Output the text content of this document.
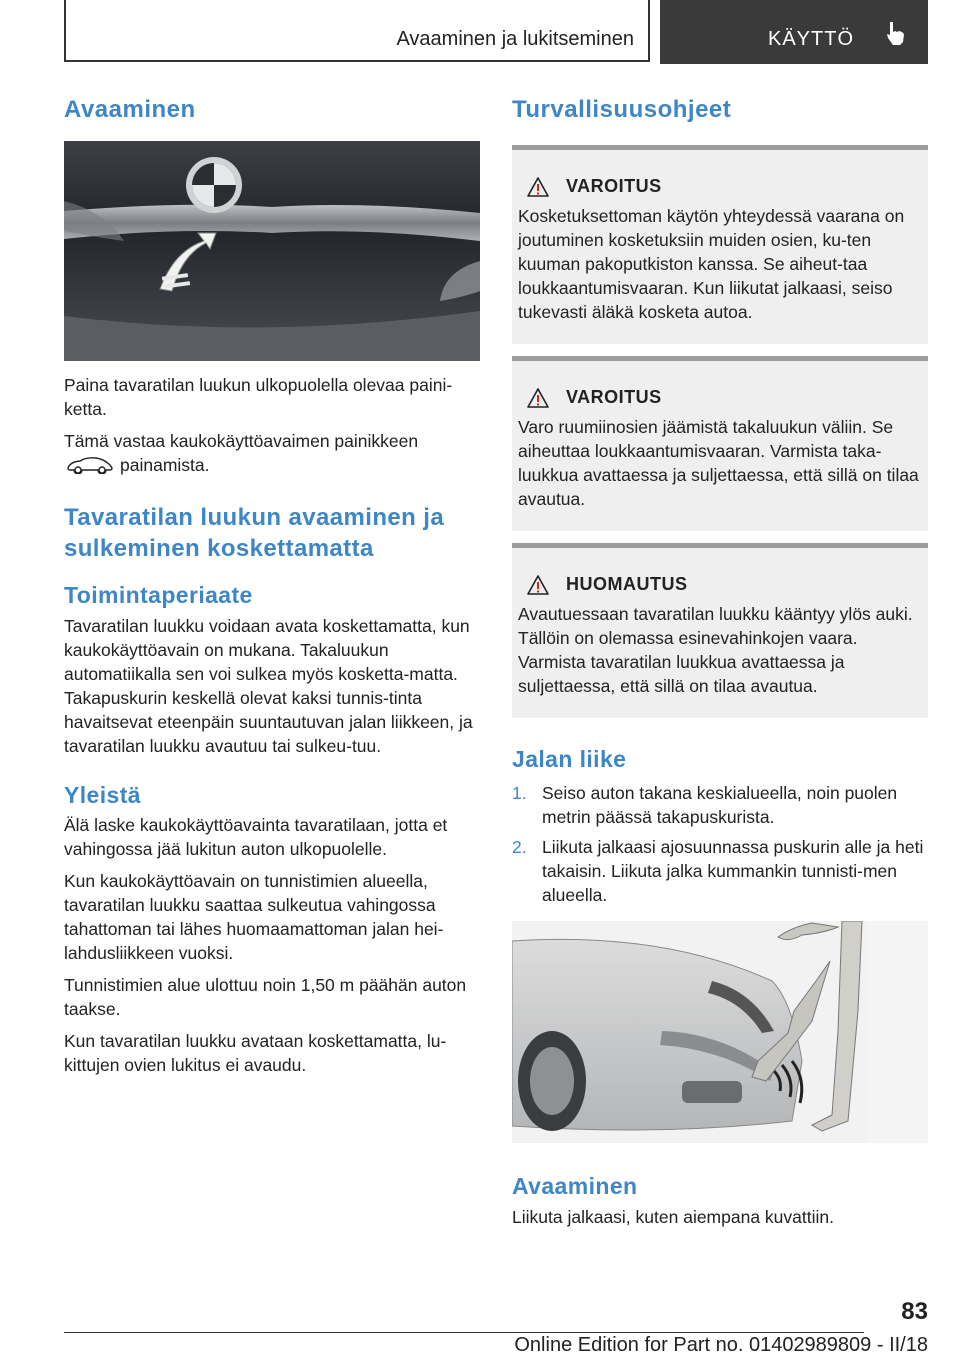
Avaaminen ja lukitseminen	KÄYTTÖ
Avaaminen

Paina tavaratilan luukun ulkopuolella olevaa paini-ketta.

Tämä vastaa kaukokäyttöavaimen painikkeen
painamista.

Tavaratilan luukun avaaminen ja sulkeminen koskettamatta
Toimintaperiaate

Tavaratilan luukku voidaan avata koskettamatta, kun kaukokäyttöavain on mukana. Takaluukun automatiikalla sen voi sulkea myös kosketta-matta. Takapuskurin keskellä olevat kaksi tunnis-tinta havaitsevat eteenpäin suuntautuvan jalan liikkeen, ja tavaratilan luukku avautuu tai sulkeu-tuu.

Yleistä

Älä laske kaukokäyttöavainta tavaratilaan, jotta et vahingossa jää lukitun auton ulkopuolelle.

Kun kaukokäyttöavain on tunnistimien alueella, tavaratilan luukku saattaa sulkeutua vahingossa tahattoman tai lähes huomaamattoman jalan hei-lahdusliikkeen vuoksi.

Tunnistimien alue ulottuu noin 1,50 m päähän auton taakse.

Kun tavaratilan luukku avataan koskettamatta, lu-kittujen ovien lukitus ei avaudu.

Turvallisuusohjeet
VAROITUS

Kosketuksettoman käytön yhteydessä vaarana on joutuminen kosketuksiin muiden osien, ku-ten kuuman pakoputkiston kanssa. Se aiheut-taa loukkaantumisvaaran. Kun liikutat jalkaasi, seiso tukevasti äläkä kosketa autoa.

VAROITUS

Varo ruumiinosien jäämistä takaluukun väliin. Se aiheuttaa loukkaantumisvaaran. Varmista taka-luukkua avattaessa ja suljettaessa, että sillä on tilaa avautua.

HUOMAUTUS

Avautuessaan tavaratilan luukku kääntyy ylös auki. Tällöin on olemassa esinevahinkojen vaara. Varmista tavaratilan luukkua avattaessa ja suljettaessa, että sillä on tilaa avautua.

Jalan liike
1. Seiso auton takana keskialueella, noin puolen metrin päässä takapuskurista.
2. Liikuta jalkaasi ajosuunnassa puskurin alle ja heti takaisin. Liikuta jalka kummankin tunnisti-men alueella.
Avaaminen

Liikuta jalkaasi, kuten aiempana kuvattiin.

83
Online Edition for Part no. 01402989809 - II/18
